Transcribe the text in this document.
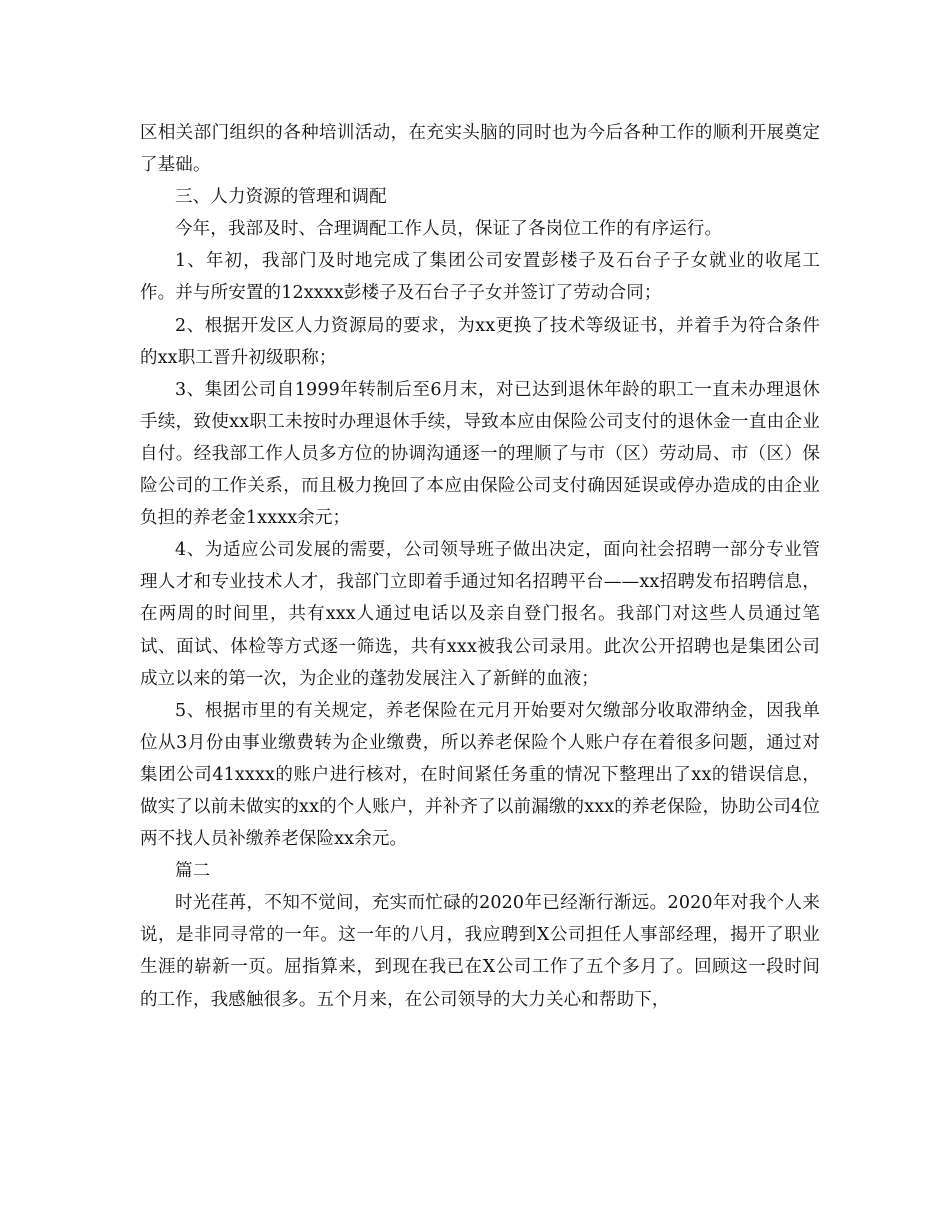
区相关部门组织的各种培训活动，在充实头脑的同时也为今后各种工作的顺利开展奠定了基础。

三、人力资源的管理和调配

今年，我部及时、合理调配工作人员，保证了各岗位工作的有序运行。

1、年初，我部门及时地完成了集团公司安置彭楼子及石台子子女就业的收尾工作。并与所安置的12xxxx彭楼子及石台子子女并签订了劳动合同；

2、根据开发区人力资源局的要求，为xx更换了技术等级证书，并着手为符合条件的xx职工晋升初级职称；

3、集团公司自1999年转制后至6月末，对已达到退休年龄的职工一直未办理退休手续，致使xx职工未按时办理退休手续，导致本应由保险公司支付的退休金一直由企业自付。经我部工作人员多方位的协调沟通逐一的理顺了与市（区）劳动局、市（区）保险公司的工作关系，而且极力挽回了本应由保险公司支付确因延误或停办造成的由企业负担的养老金1xxxx余元；

4、为适应公司发展的需要，公司领导班子做出决定，面向社会招聘一部分专业管理人才和专业技术人才，我部门立即着手通过知名招聘平台——xx招聘发布招聘信息，在两周的时间里，共有xxx人通过电话以及亲自登门报名。我部门对这些人员通过笔试、面试、体检等方式逐一筛选，共有xxx被我公司录用。此次公开招聘也是集团公司成立以来的第一次，为企业的蓬勃发展注入了新鲜的血液；

5、根据市里的有关规定，养老保险在元月开始要对欠缴部分收取滞纳金，因我单位从3月份由事业缴费转为企业缴费，所以养老保险个人账户存在着很多问题，通过对集团公司41xxxx的账户进行核对，在时间紧任务重的情况下整理出了xx的错误信息，做实了以前未做实的xx的个人账户，并补齐了以前漏缴的xxx的养老保险，协助公司4位两不找人员补缴养老保险xx余元。

篇二

时光荏苒，不知不觉间，充实而忙碌的2020年已经渐行渐远。2020年对我个人来说，是非同寻常的一年。这一年的八月，我应聘到X公司担任人事部经理，揭开了职业生涯的崭新一页。屈指算来，到现在我已在X公司工作了五个多月了。回顾这一段时间的工作，我感触很多。五个月来，在公司领导的大力关心和帮助下，
